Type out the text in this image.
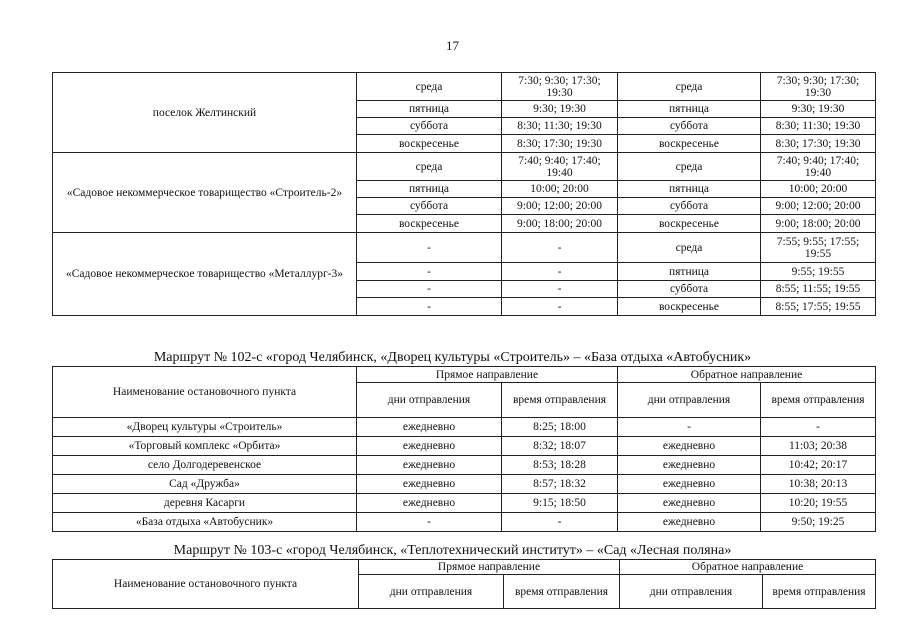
17
поселок Желтинский	среда	7:30; 9:30; 17:30; 19:30	среда	7:30; 9:30; 17:30; 19:30
	пятница	9:30; 19:30	пятница	9:30; 19:30
	суббота	8:30; 11:30; 19:30	суббота	8:30; 11:30; 19:30
	воскресенье	8:30; 17:30; 19:30	воскресенье	8:30; 17:30; 19:30
«Садовое некоммерческое товарищество «Строитель-2»	среда	7:40; 9:40; 17:40; 19:40	среда	7:40; 9:40; 17:40; 19:40
	пятница	10:00; 20:00	пятница	10:00; 20:00
	суббота	9:00; 12:00; 20:00	суббота	9:00; 12:00; 20:00
	воскресенье	9:00; 18:00; 20:00	воскресенье	9:00; 18:00; 20:00
«Садовое некоммерческое товарищество «Металлург-3»	-	-	среда	7:55; 9:55; 17:55; 19:55
	-	-	пятница	9:55; 19:55
	-	-	суббота	8:55; 11:55; 19:55
	-	-	воскресенье	8:55; 17:55; 19:55
Маршрут № 102-с «город Челябинск, «Дворец культуры «Строитель» – «База отдыха «Автобусник»
Наименование остановочного пункта	Прямое направление		Обратное направление	
	дни отправления	время отправления	дни отправления	время отправления
«Дворец культуры «Строитель»	ежедневно	8:25; 18:00	-	-
«Торговый комплекс «Орбита»	ежедневно	8:32; 18:07	ежедневно	11:03; 20:38
село Долгодеревенское	ежедневно	8:53; 18:28	ежедневно	10:42; 20:17
Сад «Дружба»	ежедневно	8:57; 18:32	ежедневно	10:38; 20:13
деревня Касарги	ежедневно	9:15; 18:50	ежедневно	10:20; 19:55
«База отдыха «Автобусник»	-	-	ежедневно	9:50; 19:25
Маршрут № 103-с «город Челябинск, «Теплотехнический институт» – «Сад «Лесная поляна»
Наименование остановочного пункта	Прямое направление		Обратное направление	
	дни отправления	время отправления	дни отправления	время отправления
